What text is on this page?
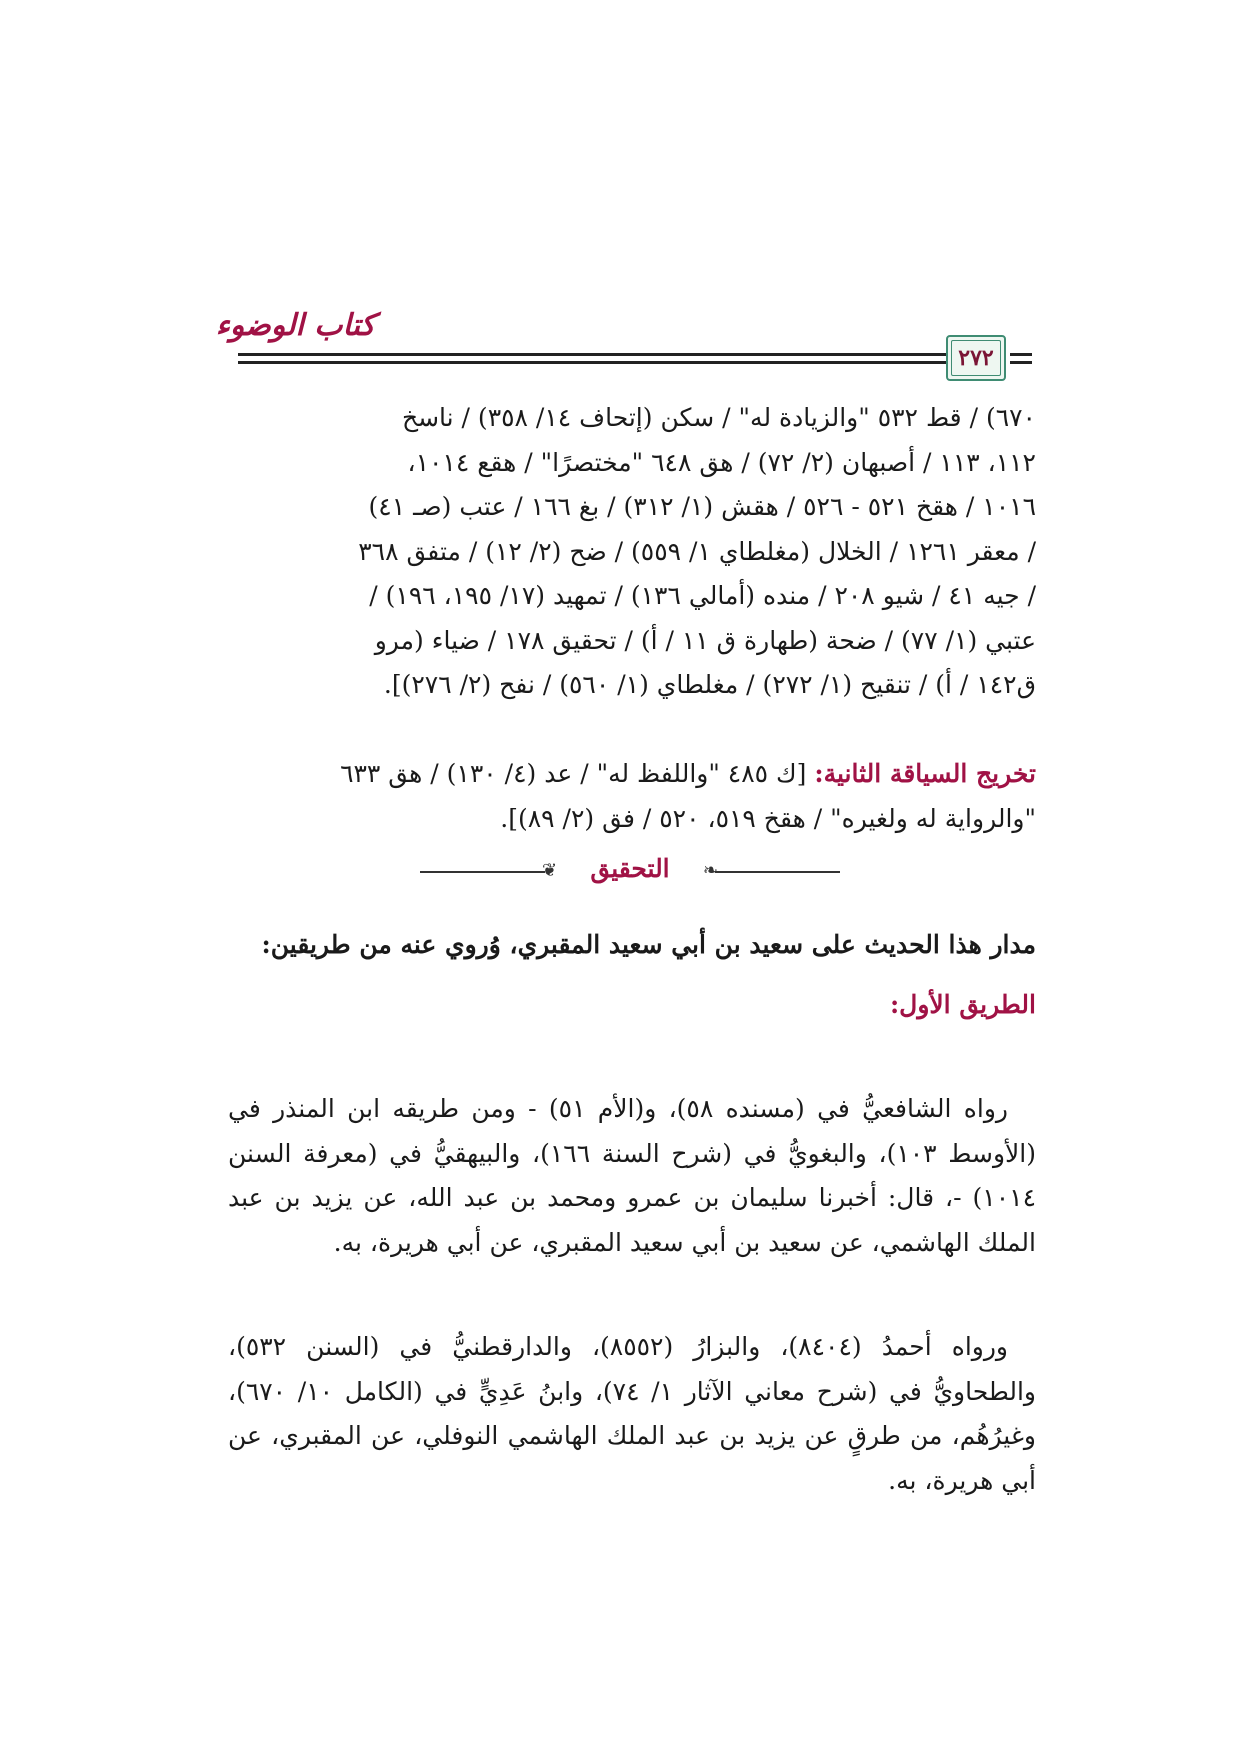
كتاب الوضوء
٢٧٢

٦٧٠) / قط ٥٣٢ "والزيادة له" / سكن (إتحاف ١٤/ ٣٥٨) / ناسخ

١١٢، ١١٣ / أصبهان (٢/ ٧٢) / هق ٦٤٨ "مختصرًا" / هقع ١٠١٤،

١٠١٦ / هقخ ٥٢١ - ٥٢٦ / هقش (١/ ٣١٢) / بغ ١٦٦ / عتب (صـ ٤١)

/ معقر ١٢٦١ / الخلال (مغلطاي ١/ ٥٥٩) / ضح (٢/ ١٢) / متفق ٣٦٨

/ جيه ٤١ / شيو ٢٠٨ / منده (أمالي ١٣٦) / تمهيد (١٧/ ١٩٥، ١٩٦) /

عتبي (١/ ٧٧) / ضحة (طهارة ق ١١ / أ) / تحقيق ١٧٨ / ضياء (مرو

ق١٤٢ / أ) / تنقيح (١/ ٢٧٢) / مغلطاي (١/ ٥٦٠) / نفح (٢/ ٢٧٦)].

تخريج السياقة الثانية: [ك ٤٨٥ "واللفظ له" / عد (٤/ ١٣٠) / هق ٦٣٣

"والرواية له ولغيره" / هقخ ٥١٩، ٥٢٠ / فق (٢/ ٨٩)].

❦	❧
التحقيق
مدار هذا الحديث على سعيد بن أبي سعيد المقبري، وُروي عنه من طريقين:
الطريق الأول:

رواه الشافعيُّ في (مسنده ٥٨)، و(الأم ٥١) - ومن طريقه ابن المنذر في (الأوسط ١٠٣)، والبغويُّ في (شرح السنة ١٦٦)، والبيهقيُّ في (معرفة السنن ١٠١٤) -، قال: أخبرنا سليمان بن عمرو ومحمد بن عبد الله، عن يزيد بن عبد الملك الهاشمي، عن سعيد بن أبي سعيد المقبري، عن أبي هريرة، به.

ورواه أحمدُ (٨٤٠٤)، والبزارُ (٨٥٥٢)، والدارقطنيُّ في (السنن ٥٣٢)، والطحاويُّ في (شرح معاني الآثار ١/ ٧٤)، وابنُ عَدِيٍّ في (الكامل ١٠/ ٦٧٠)، وغيرُهُم، من طرقٍ عن يزيد بن عبد الملك الهاشمي النوفلي، عن المقبري، عن أبي هريرة، به.
